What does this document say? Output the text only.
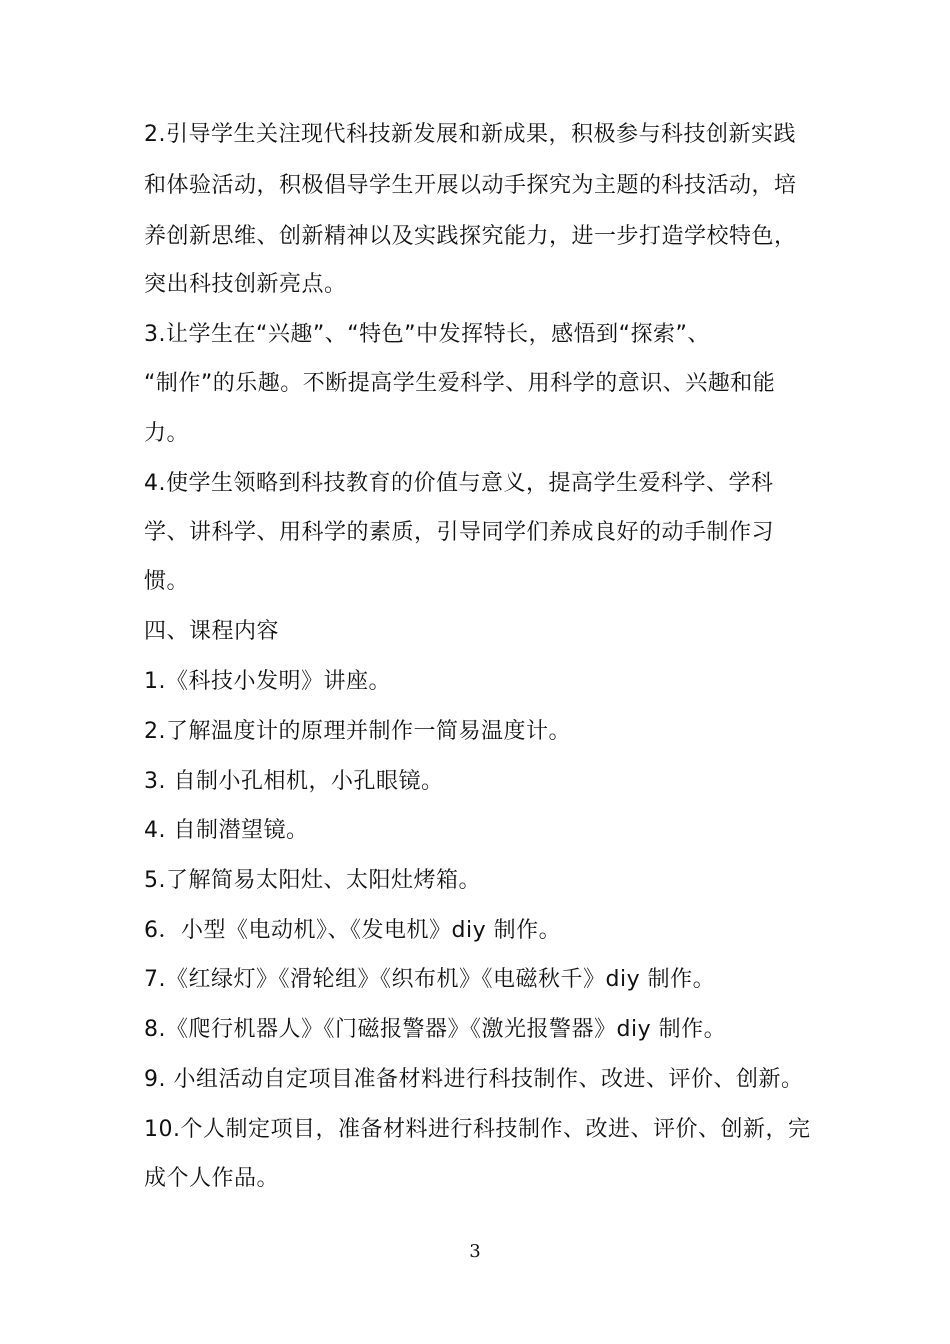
2.引导学生关注现代科技新发展和新成果，积极参与科技创新实践
和体验活动，积极倡导学生开展以动手探究为主题的科技活动，培
养创新思维、创新精神以及实践探究能力，进一步打造学校特色，
突出科技创新亮点。
3.让学生在“兴趣”、“特色”中发挥特长，感悟到“探索”、
“制作”的乐趣。不断提高学生爱科学、用科学的意识、兴趣和能
力。
4.使学生领略到科技教育的价值与意义，提高学生爱科学、学科
学、讲科学、用科学的素质，引导同学们养成良好的动手制作习
惯。
四、课程内容
1.《科技小发明》讲座。
2.了解温度计的原理并制作一简易温度计。
3. 自制小孔相机，小孔眼镜。
4. 自制潜望镜。
5.了解简易太阳灶、太阳灶烤箱。
6．小型《电动机》、《发电机》diy 制作。
7.《红绿灯》《滑轮组》《织布机》《电磁秋千》diy 制作。
8.《爬行机器人》《门磁报警器》《激光报警器》diy 制作。
9. 小组活动自定项目准备材料进行科技制作、改进、评价、创新。
10.个人制定项目，准备材料进行科技制作、改进、评价、创新，完
成个人作品。
3
